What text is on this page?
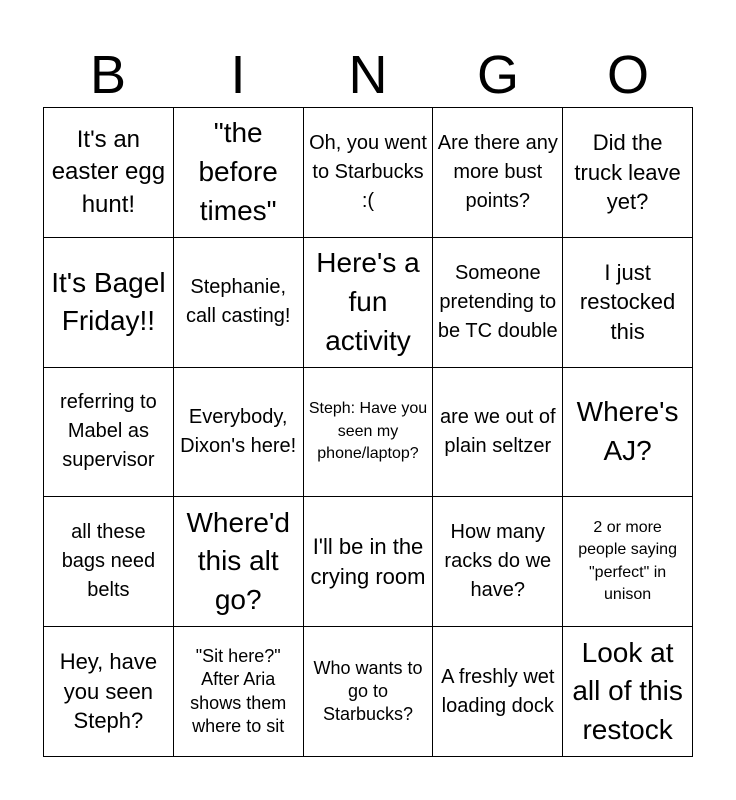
B	I	N	G	O
It's an easter egg hunt!
"the before times"
Oh, you went to Starbucks :(
Are there any more bust points?
Did the truck leave yet?
It's Bagel Friday!!
Stephanie, call casting!
Here's a fun activity
Someone pretending to be TC double
I just restocked this
referring to Mabel as supervisor
Everybody, Dixon's here!
Steph: Have you seen my phone/laptop?
are we out of plain seltzer
Where's AJ?
all these bags need belts
Where'd this alt go?
I'll be in the crying room
How many racks do we have?
2 or more people saying "perfect" in unison
Hey, have you seen Steph?
"Sit here?" After Aria shows them where to sit
Who wants to go to Starbucks?
A freshly wet loading dock
Look at all of this restock
